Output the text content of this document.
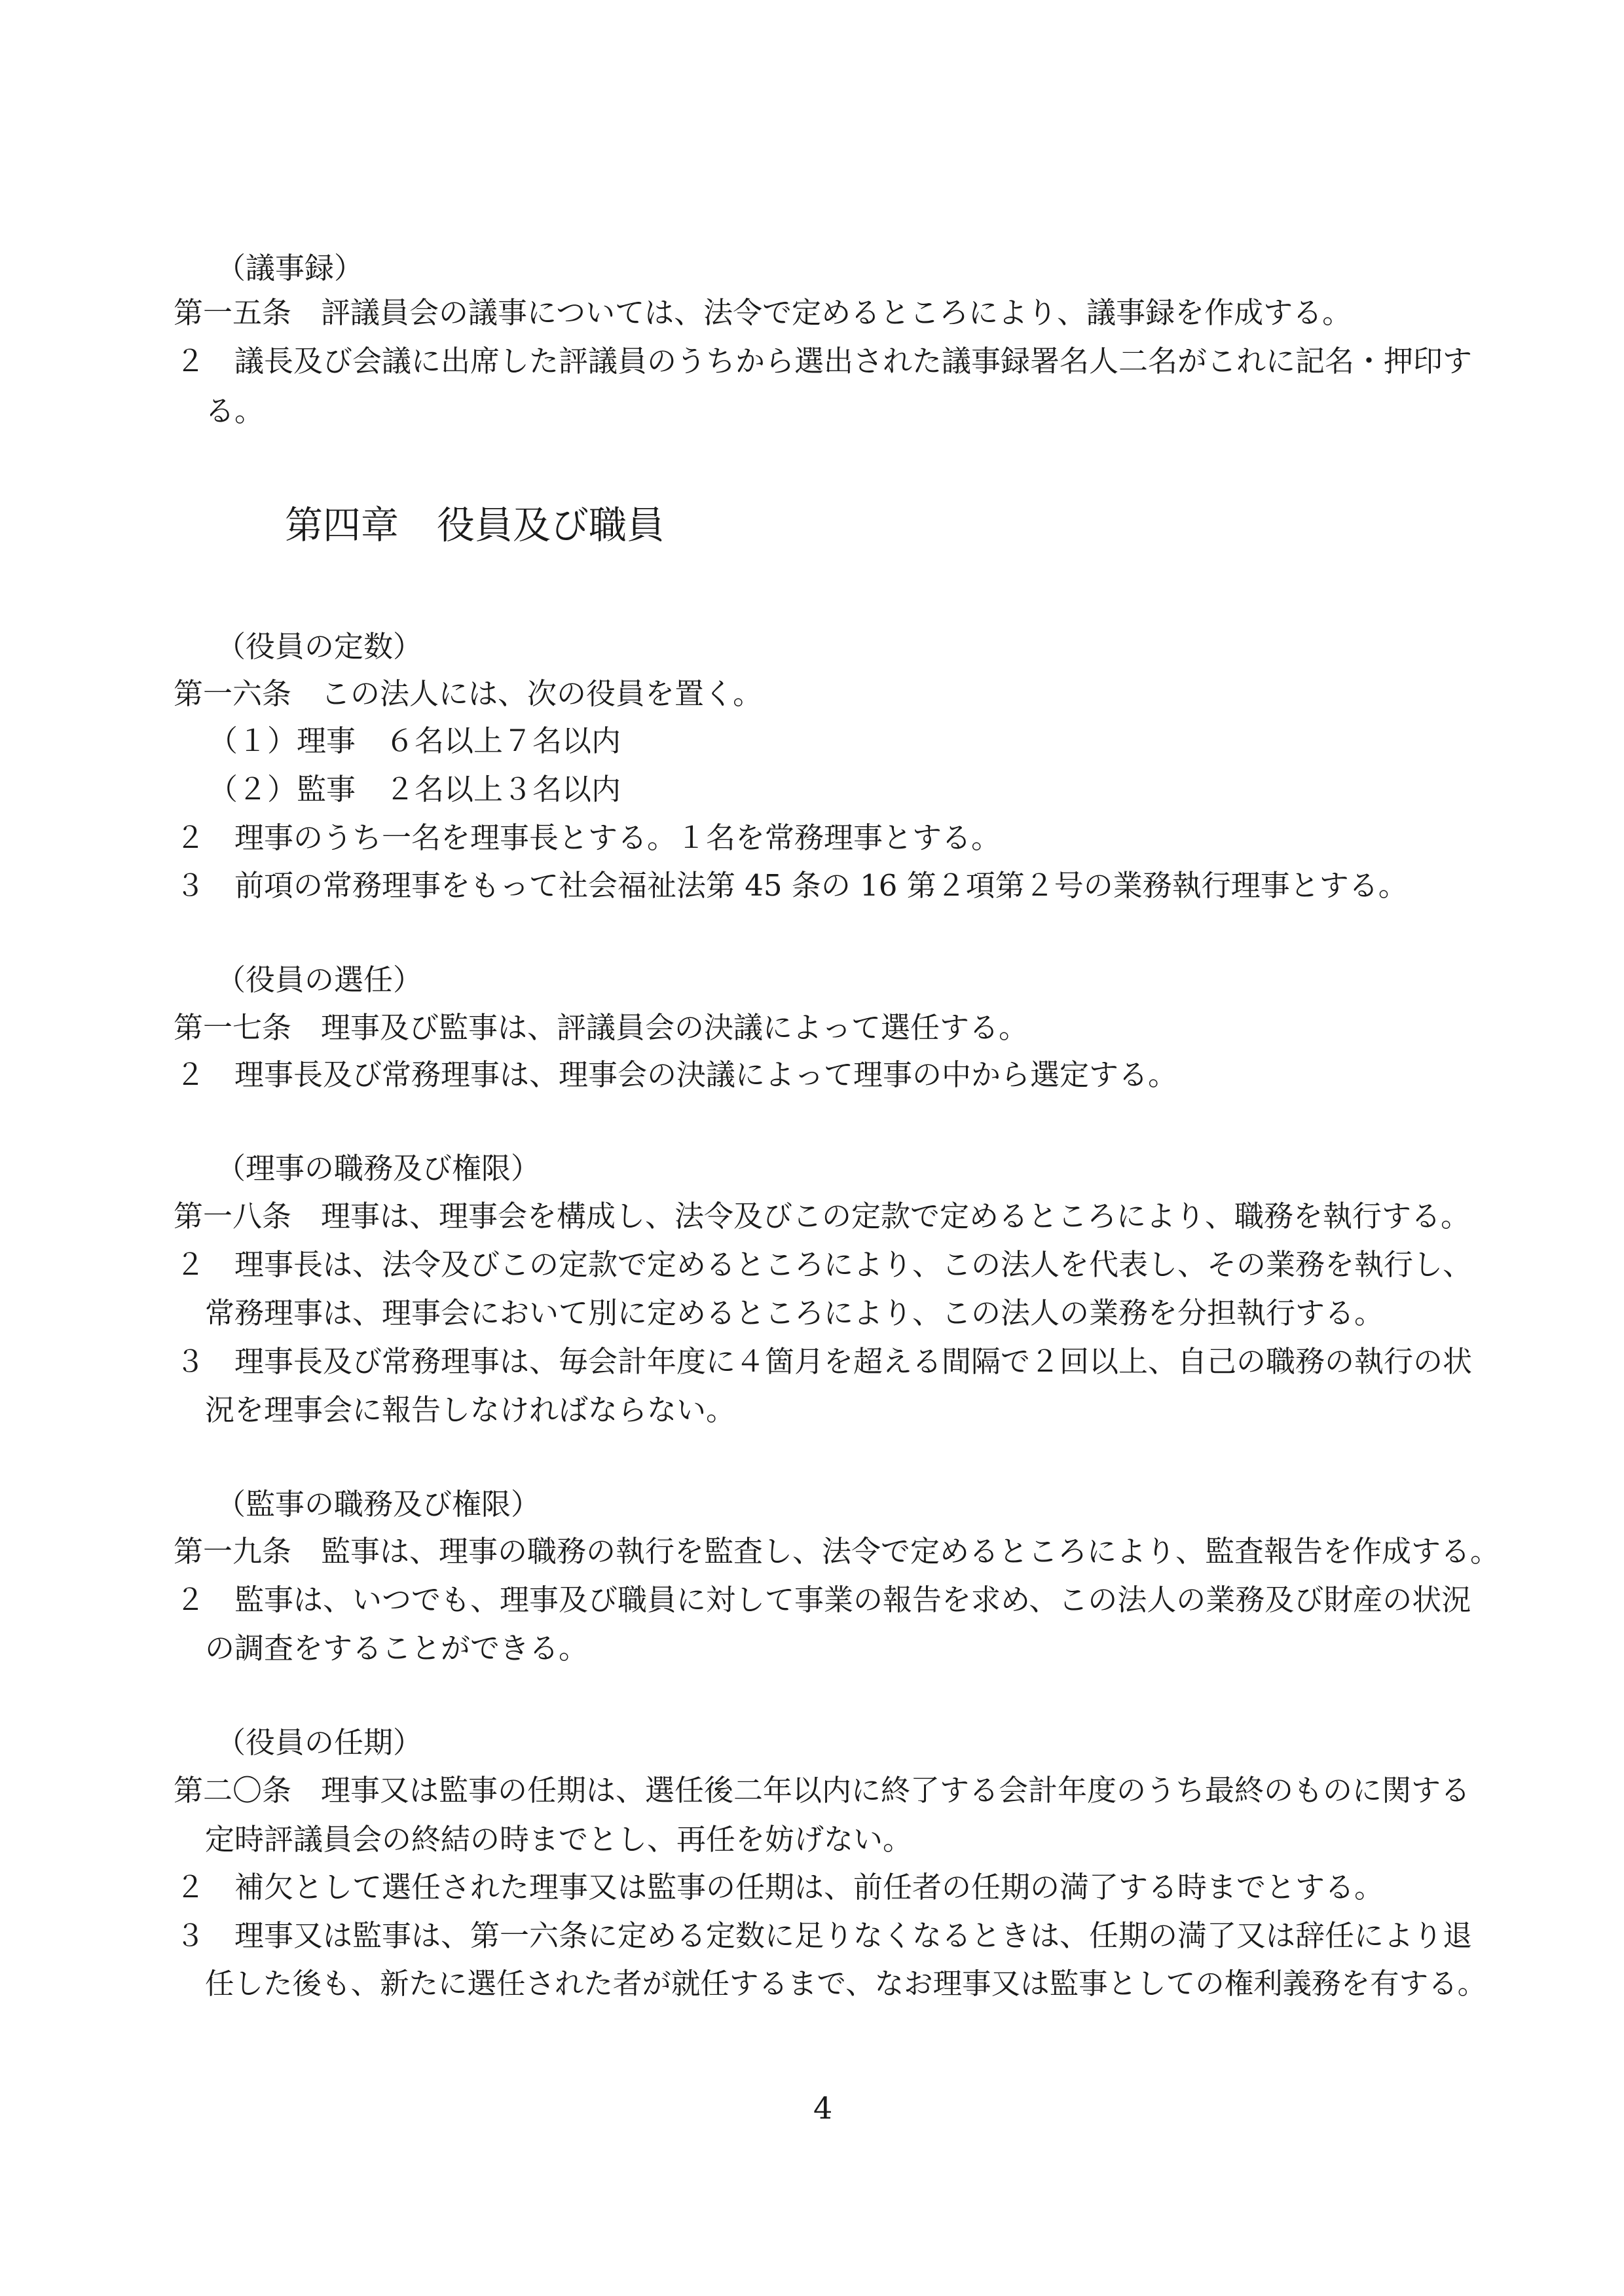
（議事録）
第一五条　評議員会の議事については、法令で定めるところにより、議事録を作成する。
２　議長及び会議に出席した評議員のうちから選出された議事録署名人二名がこれに記名・押印す
る。
第四章　役員及び職員
（役員の定数）
第一六条　この法人には、次の役員を置く。
（１）理事　６名以上７名以内
（２）監事　２名以上３名以内
２　理事のうち一名を理事長とする。１名を常務理事とする。
３　前項の常務理事をもって社会福祉法第 45 条の 16 第２項第２号の業務執行理事とする。
（役員の選任）
第一七条　理事及び監事は、評議員会の決議によって選任する。
２　理事長及び常務理事は、理事会の決議によって理事の中から選定する。
（理事の職務及び権限）
第一八条　理事は、理事会を構成し、法令及びこの定款で定めるところにより、職務を執行する。
２　理事長は、法令及びこの定款で定めるところにより、この法人を代表し、その業務を執行し、
常務理事は、理事会において別に定めるところにより、この法人の業務を分担執行する。
３　理事長及び常務理事は、毎会計年度に４箇月を超える間隔で２回以上、自己の職務の執行の状
況を理事会に報告しなければならない。
（監事の職務及び権限）
第一九条　監事は、理事の職務の執行を監査し、法令で定めるところにより、監査報告を作成する。
２　監事は、いつでも、理事及び職員に対して事業の報告を求め、この法人の業務及び財産の状況
の調査をすることができる。
（役員の任期）
第二〇条　理事又は監事の任期は、選任後二年以内に終了する会計年度のうち最終のものに関する
定時評議員会の終結の時までとし、再任を妨げない。
２　補欠として選任された理事又は監事の任期は、前任者の任期の満了する時までとする。
３　理事又は監事は、第一六条に定める定数に足りなくなるときは、任期の満了又は辞任により退
任した後も、新たに選任された者が就任するまで、なお理事又は監事としての権利義務を有する。
4
